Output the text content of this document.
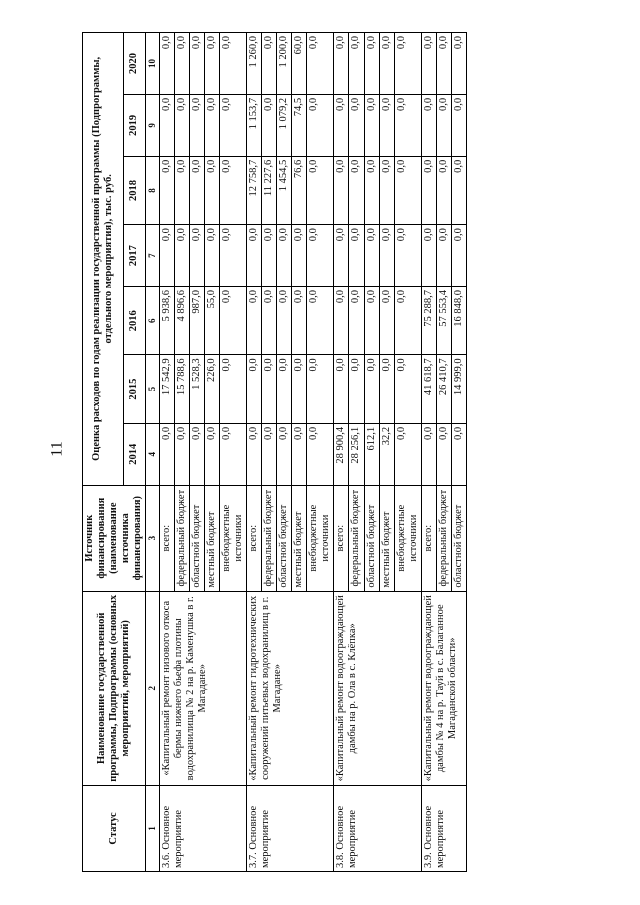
11
Статус	Наименование государственной программы, Подпрограммы (основных мероприятий, мероприятий)	Источник финансирования (наименование источника финансирования)	Оценка расходов по годам реализации государственной программы (Подпрограммы, отдельного мероприятия), тыс. руб.						
			2014	2015	2016	2017	2018	2019	2020
1	2	3	4	5	6	7	8	9	10
3.6. Основное мероприятие	«Капитальный ремонт низового откоса бермы нижнего бьефа плотины водохранилища № 2 на р. Каменушка в г. Магадане»	всего:	0,0	17 542,9	5 938,6	0,0	0,0	0,0	0,0
		федеральный бюджет	0,0	15 788,6	4 896,6	0,0	0,0	0,0	0,0
		областной бюджет	0,0	1 528,3	987,0	0,0	0,0	0,0	0,0
		местный бюджет	0,0	226,0	55,0	0,0	0,0	0,0	0,0
		внебюджетные источники	0,0	0,0	0,0	0,0	0,0	0,0	0,0
3.7. Основное мероприятие	«Капитальный ремонт гидротехнических сооружений питьевых водохранилищ в г. Магадане»	всего:	0,0	0,0	0,0	0,0	12 758,7	1 153,7	1 260,0
		федеральный бюджет	0,0	0,0	0,0	0,0	11 227,6	0,0	0,0
		областной бюджет	0,0	0,0	0,0	0,0	1 454,5	1 079,2	1 200,0
		местный бюджет	0,0	0,0	0,0	0,0	76,6	74,5	60,0
		внебюджетные источники	0,0	0,0	0,0	0,0	0,0	0,0	0,0
3.8. Основное мероприятие	«Капитальный ремонт водоограждающей дамбы на р. Ола в с. Клёпка»	всего:	28 900,4	0,0	0,0	0,0	0,0	0,0	0,0
		федеральный бюджет	28 256,1	0,0	0,0	0,0	0,0	0,0	0,0
		областной бюджет	612,1	0,0	0,0	0,0	0,0	0,0	0,0
		местный бюджет	32,2	0,0	0,0	0,0	0,0	0,0	0,0
		внебюджетные источники	0,0	0,0	0,0	0,0	0,0	0,0	0,0
3.9. Основное мероприятие	«Капитальный ремонт водоограждающей дамбы № 4 на р. Тауй в с. Балаганное Магаданской области»	всего:	0,0	41 618,7	75 288,7	0,0	0,0	0,0	0,0
		федеральный бюджет	0,0	26 410,7	57 553,4	0,0	0,0	0,0	0,0
		областной бюджет	0,0	14 999,0	16 848,0	0,0	0,0	0,0	0,0
